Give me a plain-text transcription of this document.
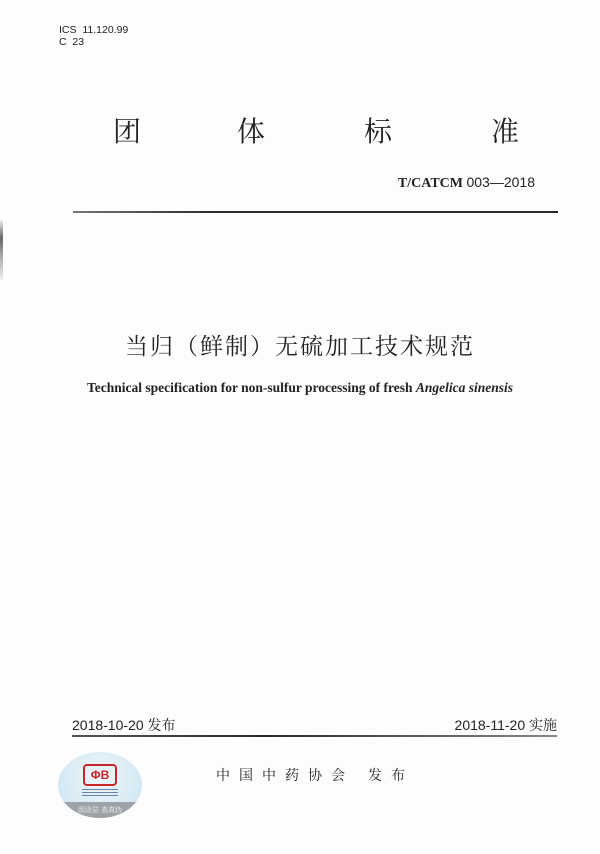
ICS  11.120.99
C  23
团	体	标	准
T/CATCM 003—2018
当归（鲜制）无硫加工技术规范
Technical specification for non-sulfur processing of fresh Angelica sinensis
2018-10-20 发布	2018-11-20 实施
ΦB
刮涂层 查真伪
中国中药协会 发布
